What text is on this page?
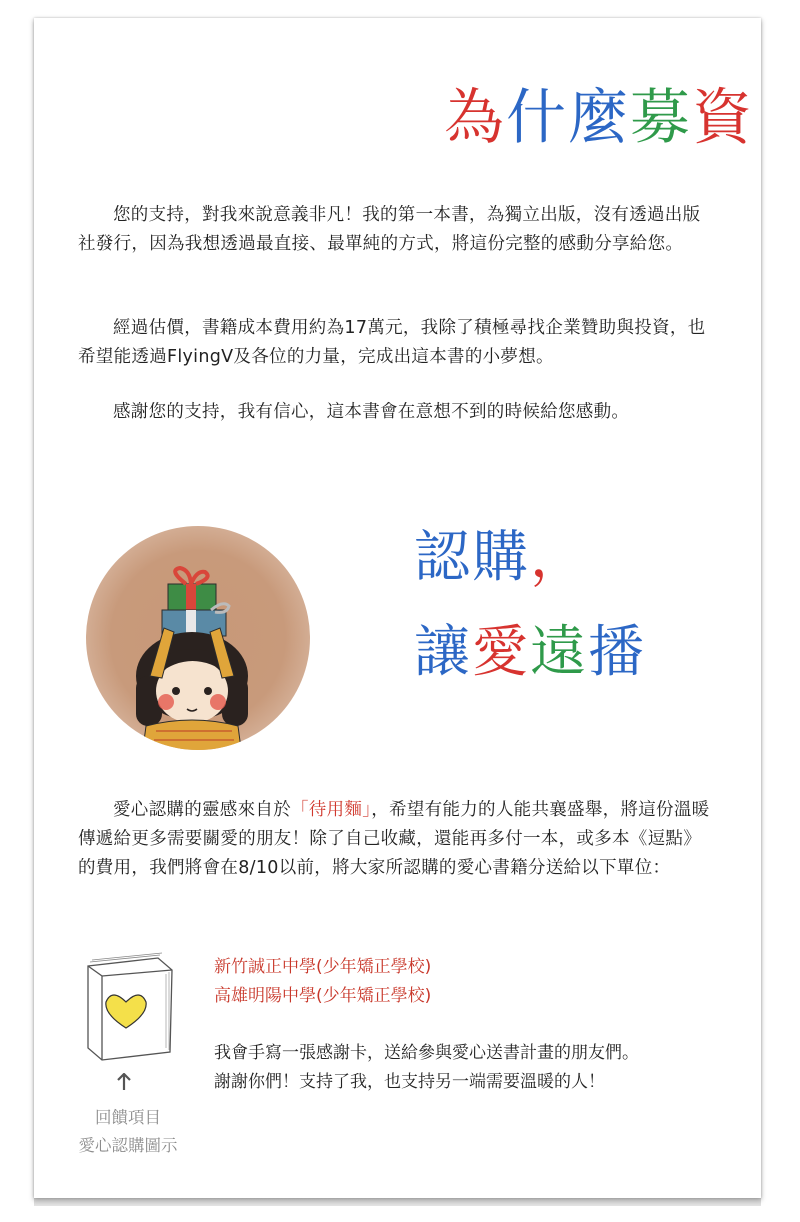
為什麼募資

您的支持，對我來說意義非凡！我的第一本書，為獨立出版，沒有透過出版社發行，因為我想透過最直接、最單純的方式，將這份完整的感動分享給您。

經過估價，書籍成本費用約為17萬元，我除了積極尋找企業贊助與投資，也希望能透過FlyingV及各位的力量，完成出這本書的小夢想。

感謝您的支持，我有信心，這本書會在意想不到的時候給您感動。

認購，
讓愛遠播

愛心認購的靈感來自於「待用麵」，希望有能力的人能共襄盛舉，將這份溫暖傳遞給更多需要關愛的朋友！除了自己收藏，還能再多付一本，或多本《逗點》的費用，我們將會在8/10以前，將大家所認購的愛心書籍分送給以下單位：

新竹誠正中學(少年矯正學校)
高雄明陽中學(少年矯正學校)
我會手寫一張感謝卡，送給參與愛心送書計畫的朋友們。
謝謝你們！支持了我，也支持另一端需要溫暖的人！
回饋項目
愛心認購圖示
